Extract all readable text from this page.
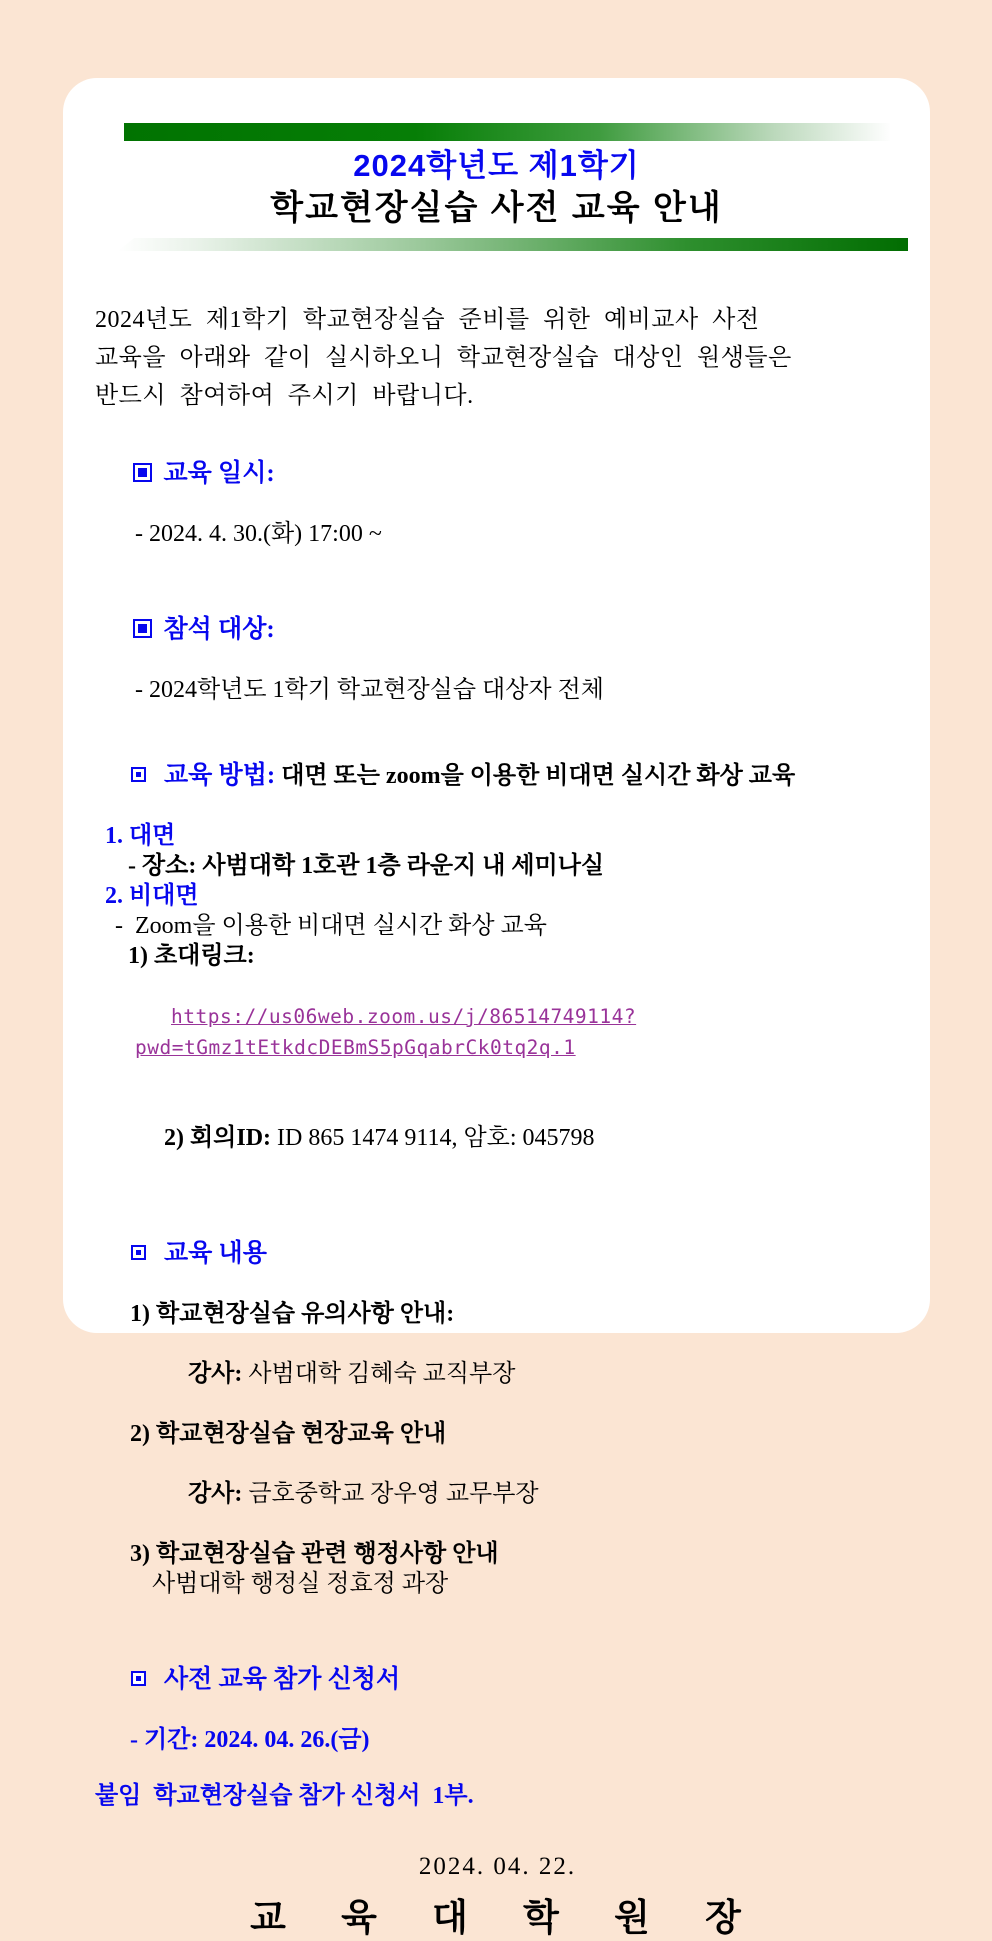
2024학년도 제1학기
학교현장실습 사전 교육 안내

2024년도 제1학기 학교현장실습 준비를 위한 예비교사 사전

교육을 아래와 같이 실시하오니 학교현장실습 대상인 원생들은

반드시 참여하여 주시기 바랍니다.

교육 일시:

- 2024. 4. 30.(화) 17:00 ~

참석 대상:

- 2024학년도 1학기 학교현장실습 대상자 전체

교육 방법: 대면 또는 zoom을 이용한 비대면 실시간 화상 교육

1. 대면
- 장소: 사범대학 1호관 1층 라운지 내 세미나실
2. 비대면
-  Zoom을 이용한 비대면 실시간 화상 교육
1) 초대링크:

https://us06web.zoom.us/j/86514749114?pwd=tGmz1tEtkdcDEBmS5pGqabrCk0tq2q.1

2) 회의ID: ID 865 1474 9114, 암호: 045798

교육 내용

1) 학교현장실습 유의사항 안내:

강사: 사범대학 김혜숙 교직부장

2) 학교현장실습 현장교육 안내

강사: 금호중학교 장우영 교무부장

3) 학교현장실습 관련 행정사항 안내
사범대학 행정실 정효정 과장

사전 교육 참가 신청서

- 기간: 2024. 04. 26.(금)
붙임  학교현장실습 참가 신청서  1부.
2024. 04. 22.
교 육 대 학 원 장
